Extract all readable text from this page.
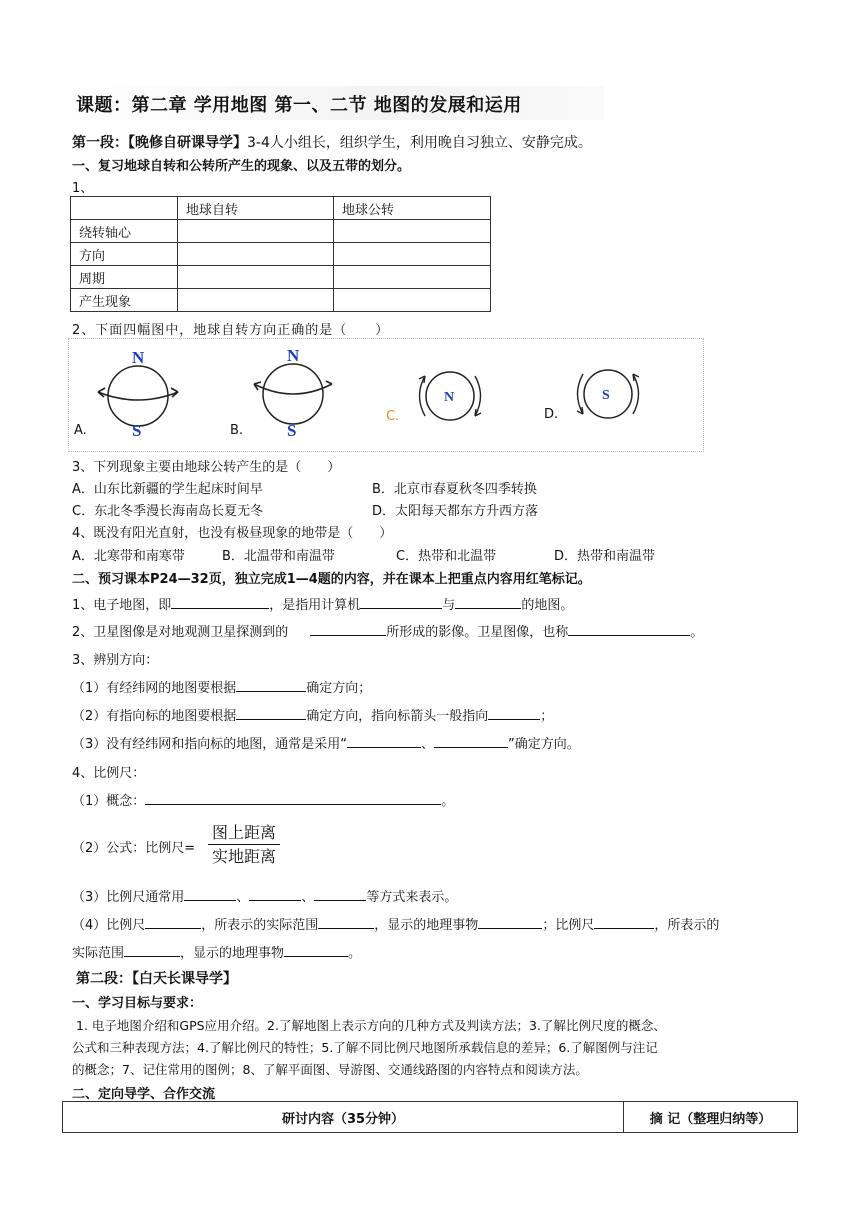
课题：第二章 学用地图 第一、二节 地图的发展和运用
第一段：【晚修自研课导学】3-4人小组长，组织学生，利用晚自习独立、安静完成。
一、复习地球自转和公转所产生的现象、以及五带的划分。
1、
	地球自转	地球公转
绕转轴心		
方向		
周期		
产生现象		
2、下面四幅图中，地球自转方向正确的是（　　）
N
S
A.
N
S
B.
N
C.
S
D.
3、下列现象主要由地球公转产生的是（　　）
A．山东比新疆的学生起床时间早	B．北京市春夏秋冬四季转换
C．东北冬季漫长海南岛长夏无冬	D．太阳每天都东方升西方落
4、既没有阳光直射，也没有极昼现象的地带是（　　）
A．北寒带和南寒带	B．北温带和南温带	C．热带和北温带	D．热带和南温带
二、预习课本P24—32页，独立完成1—4题的内容，并在课本上把重点内容用红笔标记。
1、电子地图，即	，是指用计算机	与	的地图。
2、卫星图像是对地观测卫星探测到的	所形成的影像。卫星图像，也称	。
3、辨别方向：
（1）有经纬网的地图要根据	确定方向；
（2）有指向标的地图要根据	确定方向，指向标箭头一般指向	；
（3）没有经纬网和指向标的地图，通常是采用“	、	”确定方向。
4、比例尺：
（1）概念：	。
（2）公式：比例尺=
图上距离
实地距离
（3）比例尺通常用	、	、	等方式来表示。
（4）比例尺	，所表示的实际范围	，显示的地理事物	；比例尺	，所表示的
实际范围	，显示的地理事物	。
第二段：【白天长课导学】
一、学习目标与要求：
1. 电子地图介绍和GPS应用介绍。2.了解地图上表示方向的几种方式及判读方法；3.了解比例尺度的概念、
公式和三种表现方法；4.了解比例尺的特性；5.了解不同比例尺地图所承载信息的差异；6.了解图例与注记
的概念；7、记住常用的图例；8、了解平面图、导游图、交通线路图的内容特点和阅读方法。
二、定向导学、合作交流
研讨内容（35分钟）	摘 记（整理归纳等）
